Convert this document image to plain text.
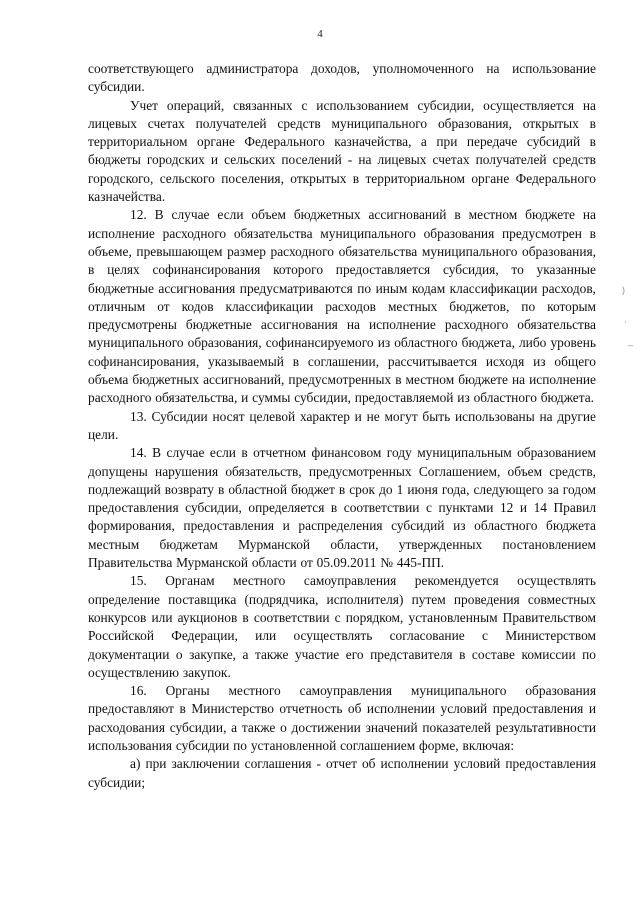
4

соответствующего администратора доходов, уполномоченного на использование субсидии.

Учет операций, связанных с использованием субсидии, осуществляется на лицевых счетах получателей средств муниципального образования, открытых в территориальном органе Федерального казначейства, а при передаче субсидий в бюджеты городских и сельских поселений - на лицевых счетах получателей средств городского, сельского поселения, открытых в территориальном органе Федерального казначейства.

12. В случае если объем бюджетных ассигнований в местном бюджете на исполнение расходного обязательства муниципального образования предусмотрен в объеме, превышающем размер расходного обязательства муниципального образования, в целях софинансирования которого предоставляется субсидия, то указанные бюджетные ассигнования предусматриваются по иным кодам классификации расходов, отличным от кодов классификации расходов местных бюджетов, по которым предусмотрены бюджетные ассигнования на исполнение расходного обязательства муниципального образования, софинансируемого из областного бюджета, либо уровень софинансирования, указываемый в соглашении, рассчитывается исходя из общего объема бюджетных ассигнований, предусмотренных в местном бюджете на исполнение расходного обязательства, и суммы субсидии, предоставляемой из областного бюджета.

13. Субсидии носят целевой характер и не могут быть использованы на другие цели.

14. В случае если в отчетном финансовом году муниципальным образованием допущены нарушения обязательств, предусмотренных Соглашением, объем средств, подлежащий возврату в областной бюджет в срок до 1 июня года, следующего за годом предоставления субсидии, определяется в соответствии с пунктами 12 и 14 Правил формирования, предоставления и распределения субсидий из областного бюджета местным бюджетам Мурманской области, утвержденных постановлением Правительства Мурманской области от 05.09.2011 № 445-ПП.

15. Органам местного самоуправления рекомендуется осуществлять определение поставщика (подрядчика, исполнителя) путем проведения совместных конкурсов или аукционов в соответствии с порядком, установленным Правительством Российской Федерации, или осуществлять согласование с Министерством документации о закупке, а также участие его представителя в составе комиссии по осуществлению закупок.

16. Органы местного самоуправления муниципального образования предоставляют в Министерство отчетность об исполнении условий предоставления и расходования субсидии, а также о достижении значений показателей результативности использования субсидии по установленной соглашением форме, включая:

а) при заключении соглашения - отчет об исполнении условий предоставления субсидии;

)
ˊ
–
